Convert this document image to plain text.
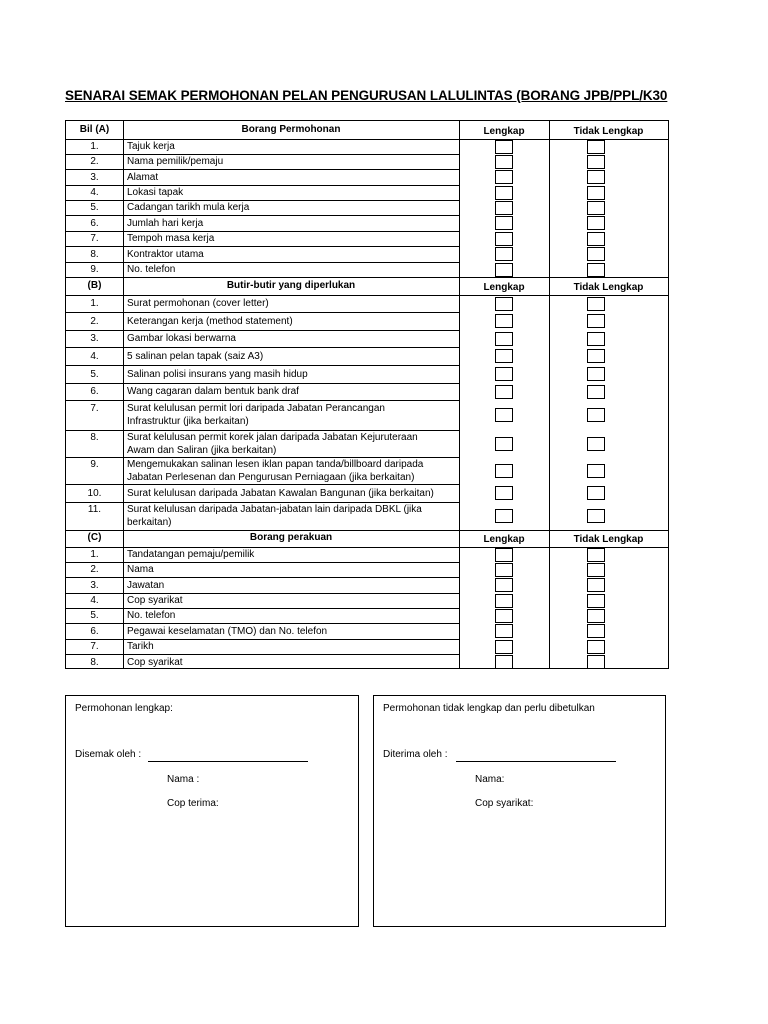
SENARAI SEMAK PERMOHONAN PELAN PENGURUSAN LALULINTAS (BORANG JPB/PPL/K30
Bil (A)	Borang Permohonan	Lengkap	Tidak Lengkap
1.	Tajuk kerja
2.	Nama pemilik/pemaju
3.	Alamat
4.	Lokasi tapak
5.	Cadangan tarikh mula kerja
6.	Jumlah hari kerja
7.	Tempoh masa kerja
8.	Kontraktor utama
9.	No. telefon
(B)	Butir-butir yang diperlukan	Lengkap	Tidak Lengkap
1.	Surat permohonan (cover letter)
2.	Keterangan kerja (method statement)
3.	Gambar lokasi berwarna
4.	5 salinan pelan tapak (saiz A3)
5.	Salinan polisi insurans yang masih hidup
6.	Wang cagaran dalam bentuk bank draf
7.	Surat kelulusan permit lori daripada Jabatan Perancangan
Infrastruktur (jika berkaitan)
8.	Surat kelulusan permit korek jalan daripada Jabatan Kejuruteraan
Awam dan Saliran (jika berkaitan)
9.	Mengemukakan salinan lesen iklan papan tanda/billboard daripada
Jabatan Perlesenan dan Pengurusan Perniagaan (jika berkaitan)
10.	Surat kelulusan daripada Jabatan Kawalan Bangunan (jika berkaitan)
11.	Surat kelulusan daripada Jabatan-jabatan lain daripada DBKL (jika
berkaitan)
(C)	Borang perakuan	Lengkap	Tidak Lengkap
1.	Tandatangan pemaju/pemilik
2.	Nama
3.	Jawatan
4.	Cop syarikat
5.	No. telefon
6.	Pegawai keselamatan (TMO) dan No. telefon
7.	Tarikh
8.	Cop syarikat
Permohonan lengkap:
Disemak oleh :
Nama :
Cop terima:
Permohonan tidak lengkap dan perlu dibetulkan
Diterima oleh :
Nama:
Cop syarikat:
